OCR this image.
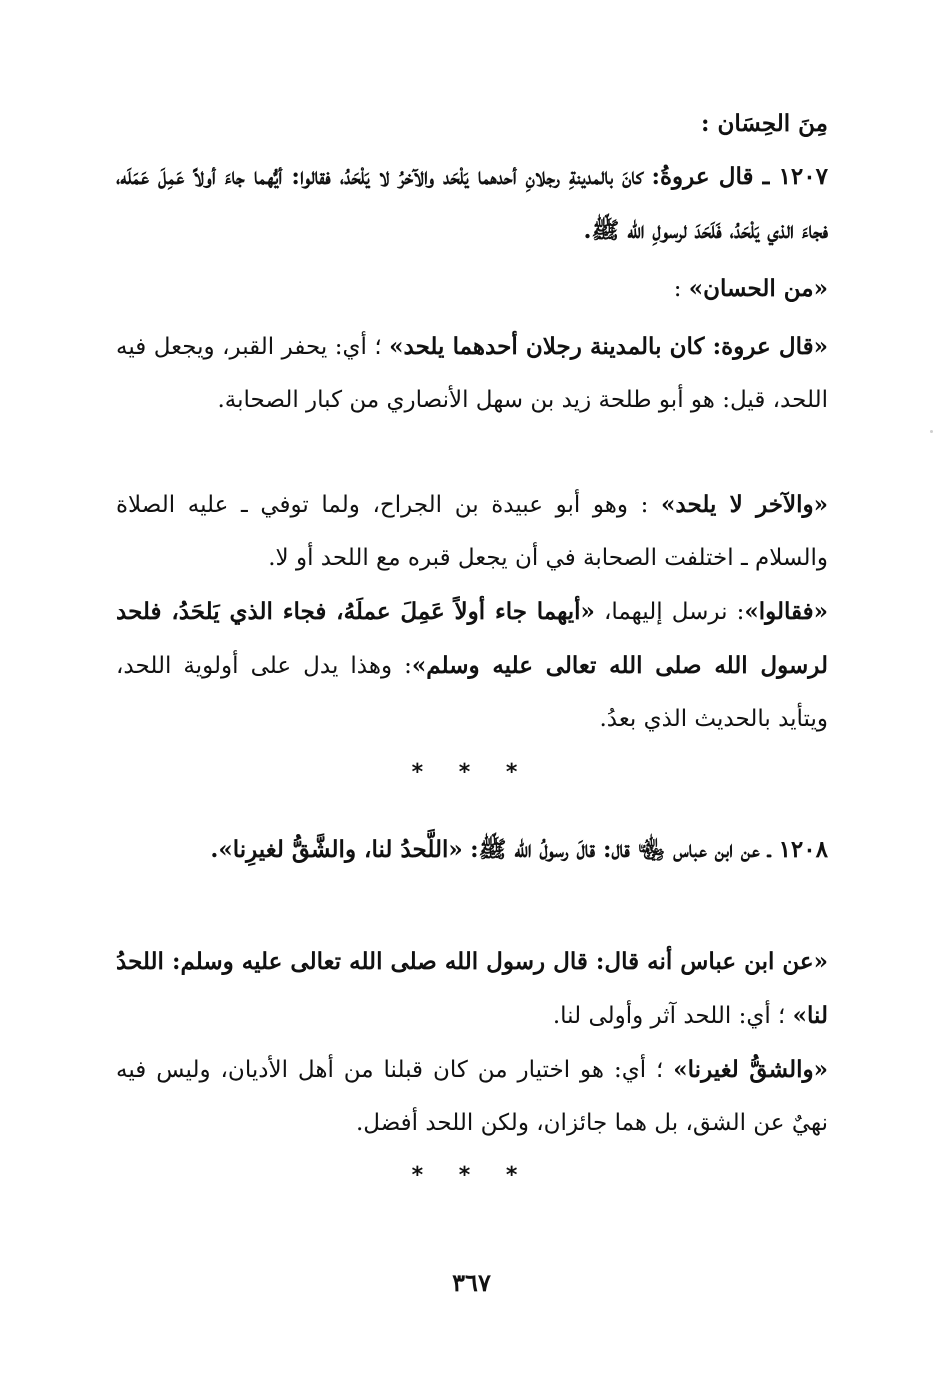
مِنَ الحِسَان :

١٢٠٧ ـ قال عروةُ: كانَ بالمدينةِ رجلانِ أحدهما يَلْحَد والآخرُ لا يَلْحَدُ، فقالوا: أيُّهما جاءَ أولاً عَمِلَ عَمَلَه، فجاءَ الذي يَلْحَدُ، فَلَحَدَ لرسولِ الله ﷺ.

«من الحسان» :

«قال عروة: كان بالمدينة رجلان أحدهما يلحد» ؛ أي: يحفر القبر، ويجعل فيه اللحد، قيل: هو أبو طلحة زيد بن سهل الأنصاري من كبار الصحابة.

«والآخر لا يلحد» : وهو أبو عبيدة بن الجراح، ولما توفي ـ عليه الصلاة والسلام ـ اختلفت الصحابة في أن يجعل قبره مع اللحد أو لا.

«فقالوا»: نرسل إليهما، «أيهما جاء أولاً عَمِلَ عملَهُ، فجاء الذي يَلحَدُ، فلحد لرسول الله صلى الله تعالى عليه وسلم»: وهذا يدل على أولوية اللحد، ويتأيد بالحديث الذي بعدُ.

* * *

١٢٠٨ ـ عن ابن عباس ﵄ قال: قالَ رسولُ الله ﷺ: «اللَّحدُ لنا، والشَّقُّ لغيرِنا».

«عن ابن عباس أنه قال: قال رسول الله صلى الله تعالى عليه وسلم: اللحدُ لنا» ؛ أي: اللحد آثر وأولى لنا.

«والشقُّ لغيرنا» ؛ أي: هو اختيار من كان قبلنا من أهل الأديان، وليس فيه نهيٌ عن الشق، بل هما جائزان، ولكن اللحد أفضل.

* * *
٣٦٧
